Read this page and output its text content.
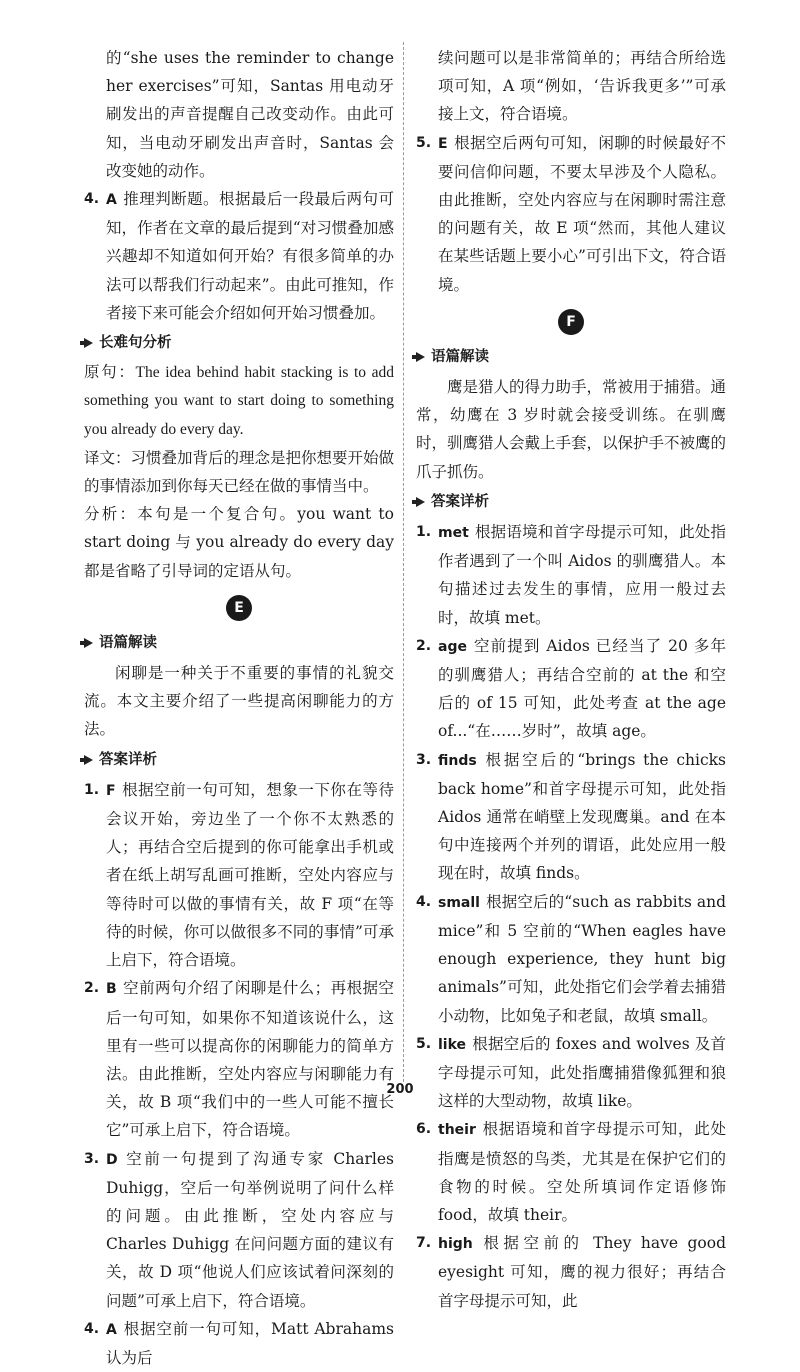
的“she uses the reminder to change her exercises”可知，Santas 用电动牙刷发出的声音提醒自己改变动作。由此可知，当电动牙刷发出声音时，Santas 会改变她的动作。
4. A 推理判断题。根据最后一段最后两句可知，作者在文章的最后提到“对习惯叠加感兴趣却不知道如何开始？有很多简单的办法可以帮我们行动起来”。由此可推知，作者接下来可能会介绍如何开始习惯叠加。
长难句分析
原句：The idea behind habit stacking is to add something you want to start doing to something you already do every day.
译文：习惯叠加背后的理念是把你想要开始做的事情添加到你每天已经在做的事情当中。
分析：本句是一个复合句。you want to start doing 与 you already do every day 都是省略了引导词的定语从句。
E
语篇解读
闲聊是一种关于不重要的事情的礼貌交流。本文主要介绍了一些提高闲聊能力的方法。
答案详析
1. F 根据空前一句可知，想象一下你在等待会议开始，旁边坐了一个你不太熟悉的人；再结合空后提到的你可能拿出手机或者在纸上胡写乱画可推断，空处内容应与等待时可以做的事情有关，故 F 项“在等待的时候，你可以做很多不同的事情”可承上启下，符合语境。
2. B 空前两句介绍了闲聊是什么；再根据空后一句可知，如果你不知道该说什么，这里有一些可以提高你的闲聊能力的简单方法。由此推断，空处内容应与闲聊能力有关，故 B 项“我们中的一些人可能不擅长它”可承上启下，符合语境。
3. D 空前一句提到了沟通专家 Charles Duhigg，空后一句举例说明了问什么样的问题。由此推断，空处内容应与 Charles Duhigg 在问问题方面的建议有关，故 D 项“他说人们应该试着问深刻的问题”可承上启下，符合语境。
4. A 根据空前一句可知，Matt Abrahams 认为后
续问题可以是非常简单的；再结合所给选项可知，A 项“例如，‘告诉我更多’”可承接上文，符合语境。
5. E 根据空后两句可知，闲聊的时候最好不要问信仰问题，不要太早涉及个人隐私。由此推断，空处内容应与在闲聊时需注意的问题有关，故 E 项“然而，其他人建议在某些话题上要小心”可引出下文，符合语境。
F
语篇解读
鹰是猎人的得力助手，常被用于捕猎。通常，幼鹰在 3 岁时就会接受训练。在驯鹰时，驯鹰猎人会戴上手套，以保护手不被鹰的爪子抓伤。
答案详析
1. met 根据语境和首字母提示可知，此处指作者遇到了一个叫 Aidos 的驯鹰猎人。本句描述过去发生的事情，应用一般过去时，故填 met。
2. age 空前提到 Aidos 已经当了 20 多年的驯鹰猎人；再结合空前的 at the 和空后的 of 15 可知，此处考查 at the age of...“在……岁时”，故填 age。
3. finds 根据空后的“brings the chicks back home”和首字母提示可知，此处指 Aidos 通常在峭壁上发现鹰巢。and 在本句中连接两个并列的谓语，此处应用一般现在时，故填 finds。
4. small 根据空后的“such as rabbits and mice”和 5 空前的“When eagles have enough experience, they hunt big animals”可知，此处指它们会学着去捕猎小动物，比如兔子和老鼠，故填 small。
5. like 根据空后的 foxes and wolves 及首字母提示可知，此处指鹰捕猎像狐狸和狼这样的大型动物，故填 like。
6. their 根据语境和首字母提示可知，此处指鹰是愤怒的鸟类，尤其是在保护它们的食物的时候。空处所填词作定语修饰 food，故填 their。
7. high 根据空前的 They have good eyesight 可知，鹰的视力很好；再结合首字母提示可知，此
200
